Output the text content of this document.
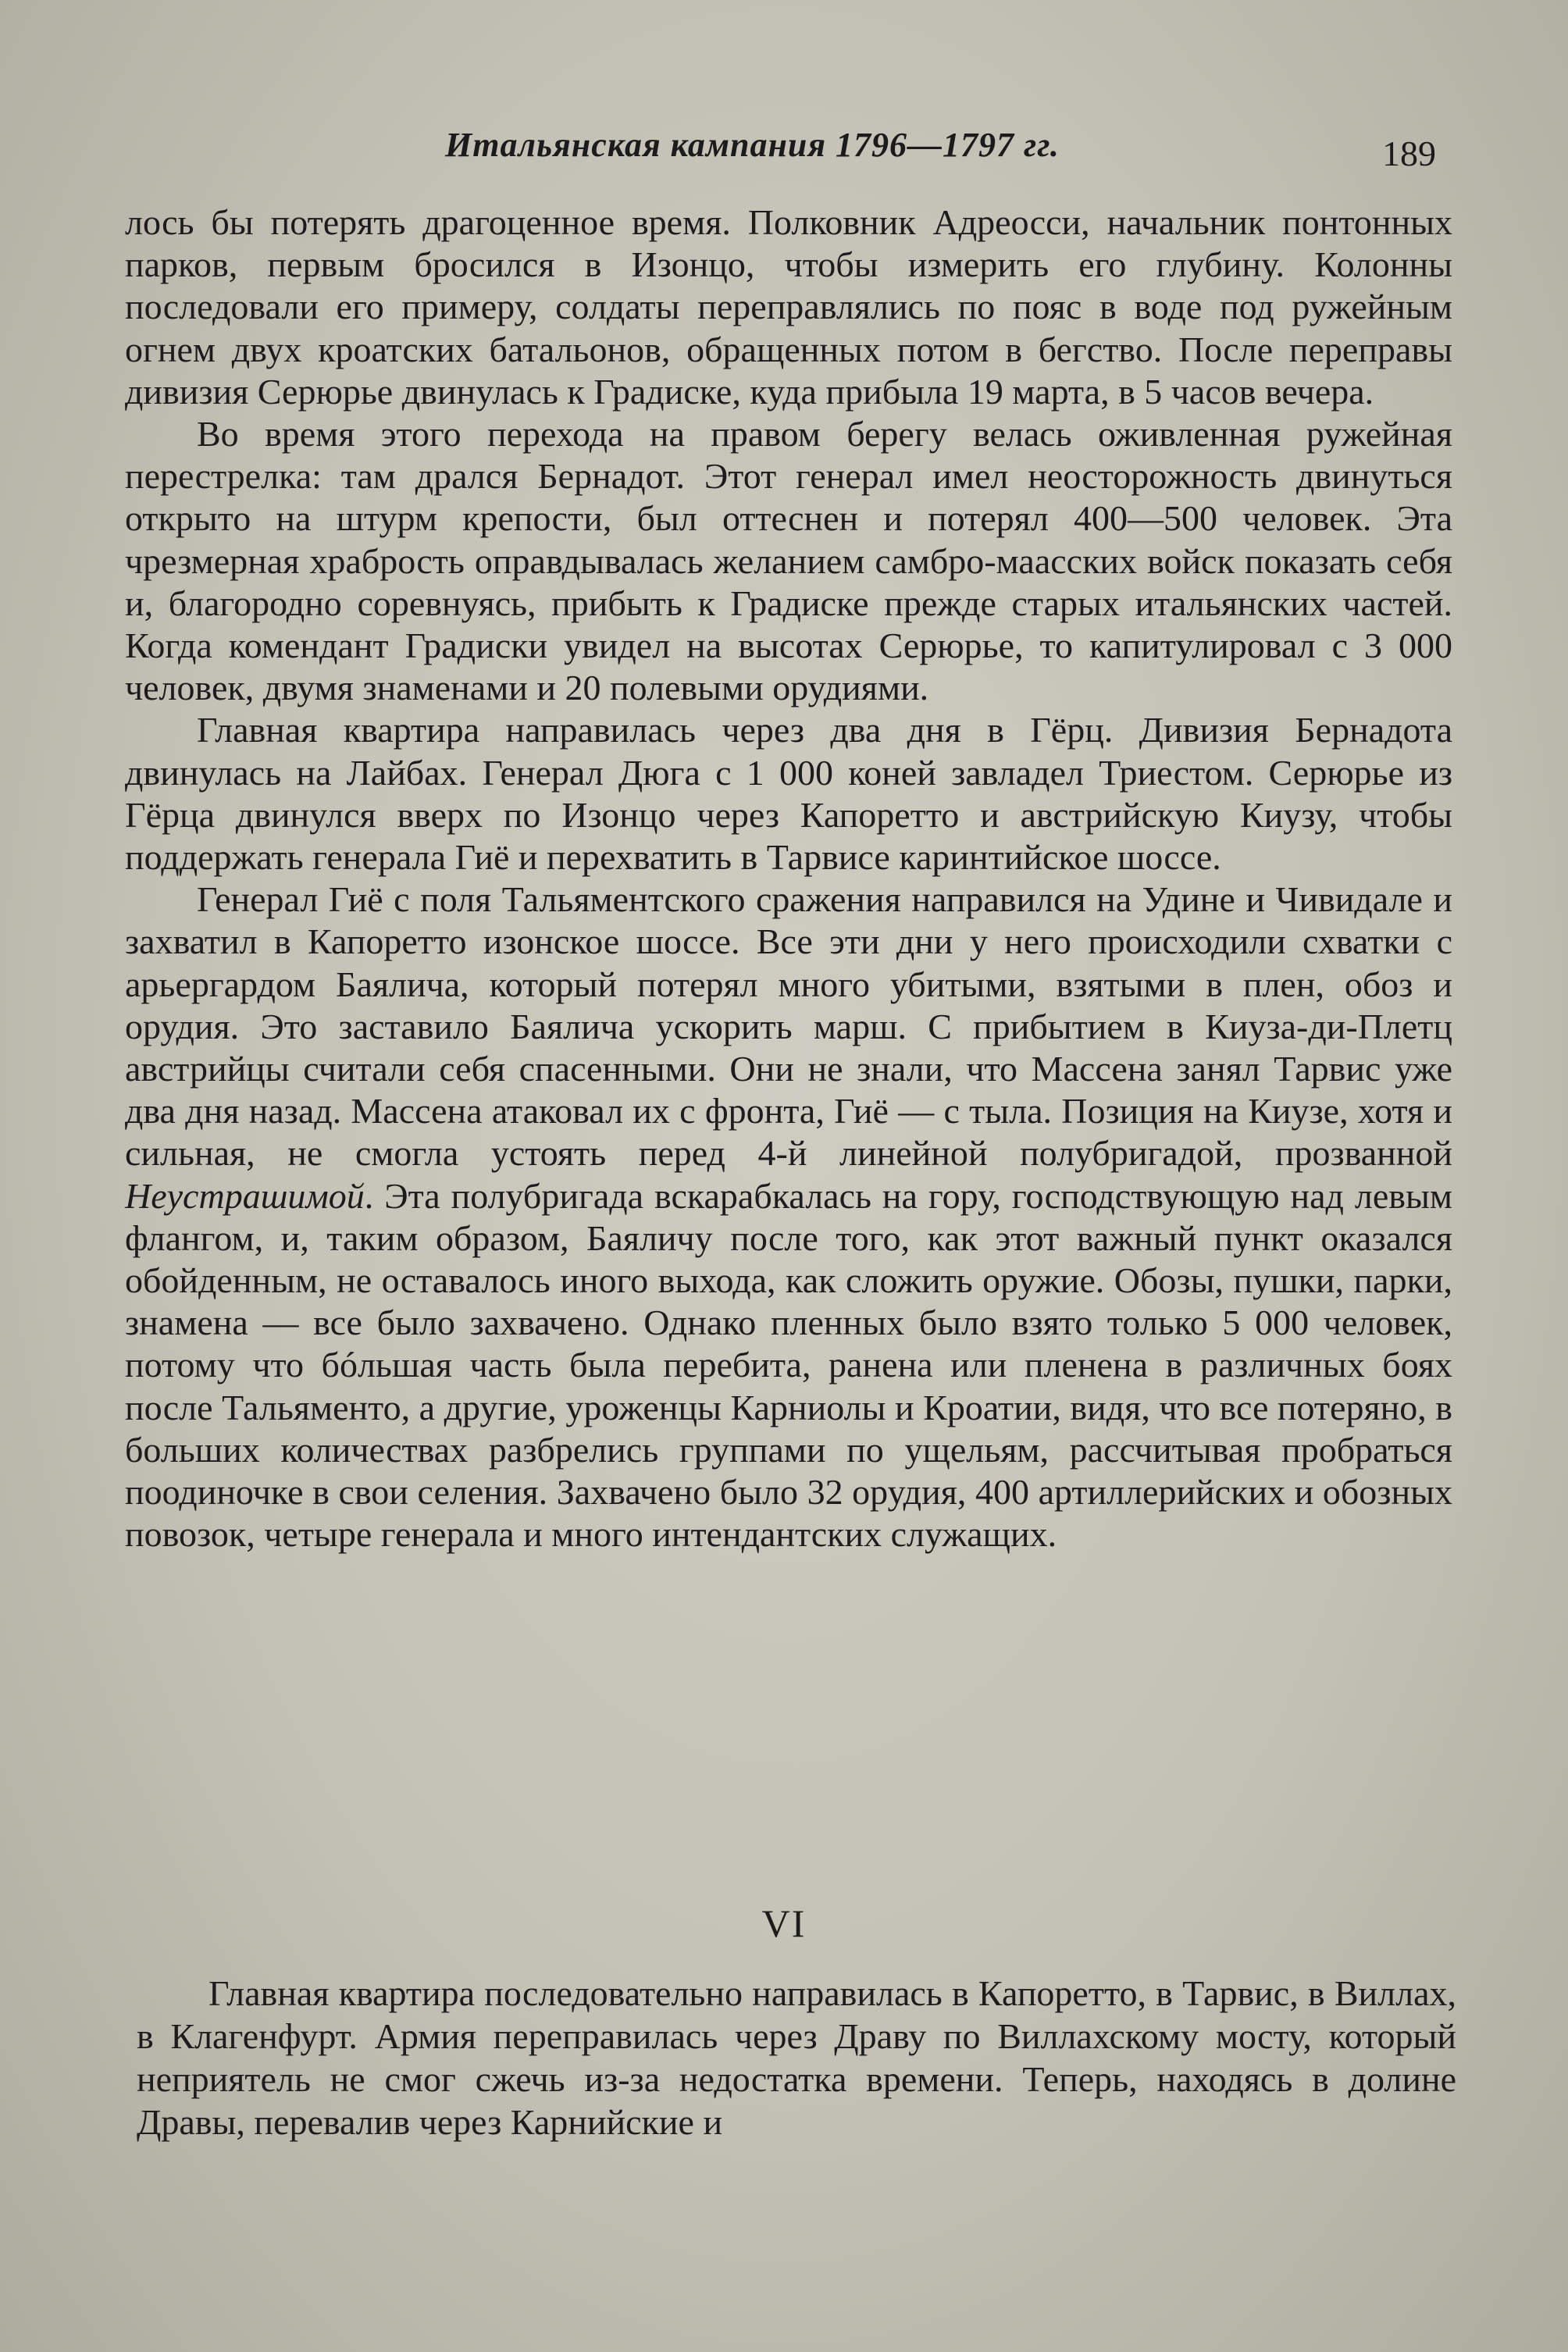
Итальянская кампания 1796—1797 гг.	189

лось бы потерять драгоценное время. Полковник Адреосси, начальник понтонных парков, первым бросился в Изонцо, чтобы измерить его глубину. Колонны последовали его примеру, солдаты переправлялись по пояс в воде под ружейным огнем двух кроатских батальонов, обращенных потом в бегство. После переправы дивизия Серюрье двинулась к Градиске, куда прибыла 19 марта, в 5 часов вечера.

Во время этого перехода на правом берегу велась оживленная ружейная перестрелка: там дрался Бернадот. Этот генерал имел неосторожность двинуться открыто на штурм крепости, был оттеснен и потерял 400—500 человек. Эта чрезмерная храбрость оправдывалась желанием самбро-маасских войск показать себя и, благородно соревнуясь, прибыть к Градиске прежде старых итальянских частей. Когда комендант Градиски увидел на высотах Серюрье, то капитулировал с 3 000 человек, двумя знаменами и 20 полевыми орудиями.

Главная квартира направилась через два дня в Гёрц. Дивизия Бернадота двинулась на Лайбах. Генерал Дюга с 1 000 коней завладел Триестом. Серюрье из Гёрца двинулся вверх по Изонцо через Капоретто и австрийскую Киузу, чтобы поддержать генерала Гиё и перехватить в Тарвисе каринтийское шоссе.

Генерал Гиё с поля Тальяментского сражения направился на Удине и Чивидале и захватил в Капоретто изонское шоссе. Все эти дни у него происходили схватки с арьергардом Баялича, который потерял много убитыми, взятыми в плен, обоз и орудия. Это заставило Баялича ускорить марш. С прибытием в Киуза-ди-Плетц австрийцы считали себя спасенными. Они не знали, что Массена занял Тарвис уже два дня назад. Массена атаковал их с фронта, Гиё — с тыла. Позиция на Киузе, хотя и сильная, не смогла устоять перед 4-й линейной полубригадой, прозванной Неустрашимой. Эта полубригада вскарабкалась на гору, господствующую над левым флангом, и, таким образом, Баяличу после того, как этот важный пункт оказался обойденным, не оставалось иного выхода, как сложить оружие. Обозы, пушки, парки, знамена — все было захвачено. Однако пленных было взято только 5 000 человек, потому что бóльшая часть была перебита, ранена или пленена в различных боях после Тальяменто, а другие, уроженцы Карниолы и Кроатии, видя, что все потеряно, в больших количествах разбрелись группами по ущельям, рассчитывая пробраться поодиночке в свои селения. Захвачено было 32 орудия, 400 артиллерийских и обозных повозок, четыре генерала и много интендантских служащих.

VI

Главная квартира последовательно направилась в Капоретто, в Тарвис, в Виллах, в Клагенфурт. Армия переправилась через Драву по Виллахскому мосту, который неприятель не смог сжечь из-за недостатка времени. Теперь, находясь в долине Дравы, перевалив через Карнийские и
